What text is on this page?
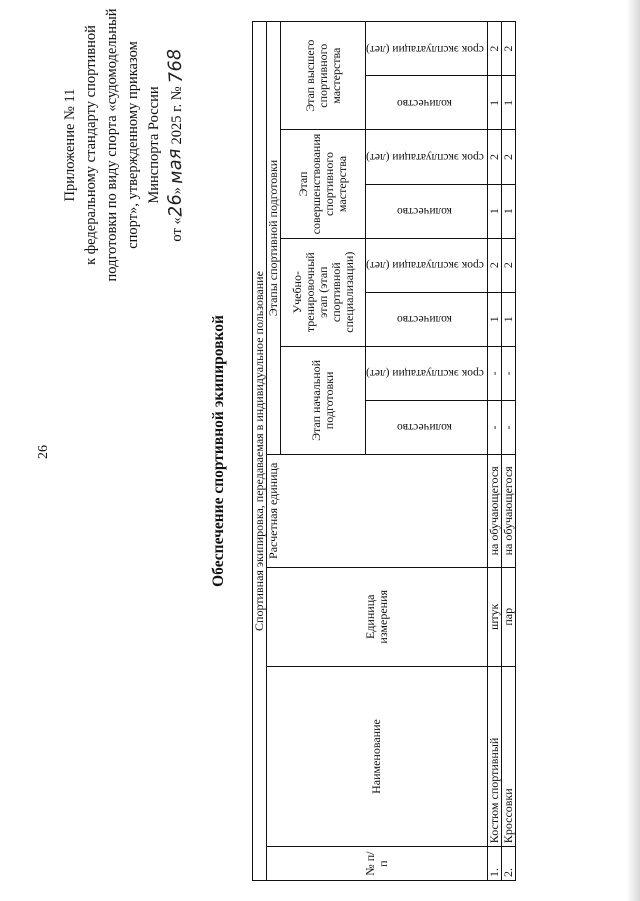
26
Приложение № 11 к федеральному стандарту спортивной подготовки по виду спорта «судомодельный спорт», утвержденному приказом Минспорта России
от «26» мая 2025 г. № 768
Обеспечение спортивной экипировкой Спортивная экипировка, передаваемая в индивидуальное пользование											
№ п/п	Наименование	Единица измерения	Расчетная единица	Этапы спортивной подготовки							
				Этап начальной подготовки		Учебно-тренировочный этап (этап спортивной специализации)		Этап совершенствования спортивного мастерства		Этап высшего спортивного мастерства	
				количество	срок эксплуатации (лет)	количество	срок эксплуатации (лет)	количество	срок эксплуатации (лет)	количество	срок эксплуатации (лет)
1.	Костюм спортивный	штук	на обучающегося	-	-	1	2	1	2	1	2
2.	Кроссовки	пар	на обучающегося	-	-	1	2	1	2	1	2
